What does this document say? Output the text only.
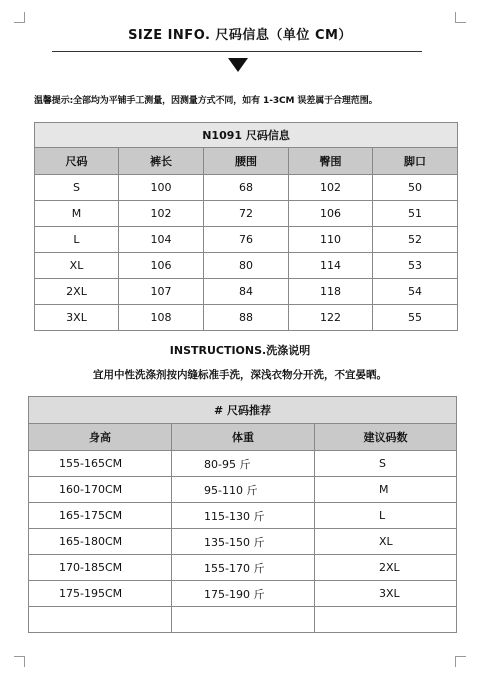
SIZE INFO. 尺码信息（单位 CM）
温馨提示:全部均为平铺手工测量，因测量方式不同，如有 1-3CM 误差属于合理范围。
N1091 尺码信息				
尺码	裤长	腰围	臀围	脚口
S	100	68	102	50
M	102	72	106	51
L	104	76	110	52
XL	106	80	114	53
2XL	107	84	118	54
3XL	108	88	122	55
INSTRUCTIONS.洗涤说明
宜用中性洗涤剂按内缝标准手洗，深浅衣物分开洗，不宜晏晒。
# 尺码推荐		
身高	体重	建议码数
155-165CM	80-95 斤	S
160-170CM	95-110 斤	M
165-175CM	115-130 斤	L
165-180CM	135-150 斤	XL
170-185CM	155-170 斤	2XL
175-195CM	175-190 斤	3XL
